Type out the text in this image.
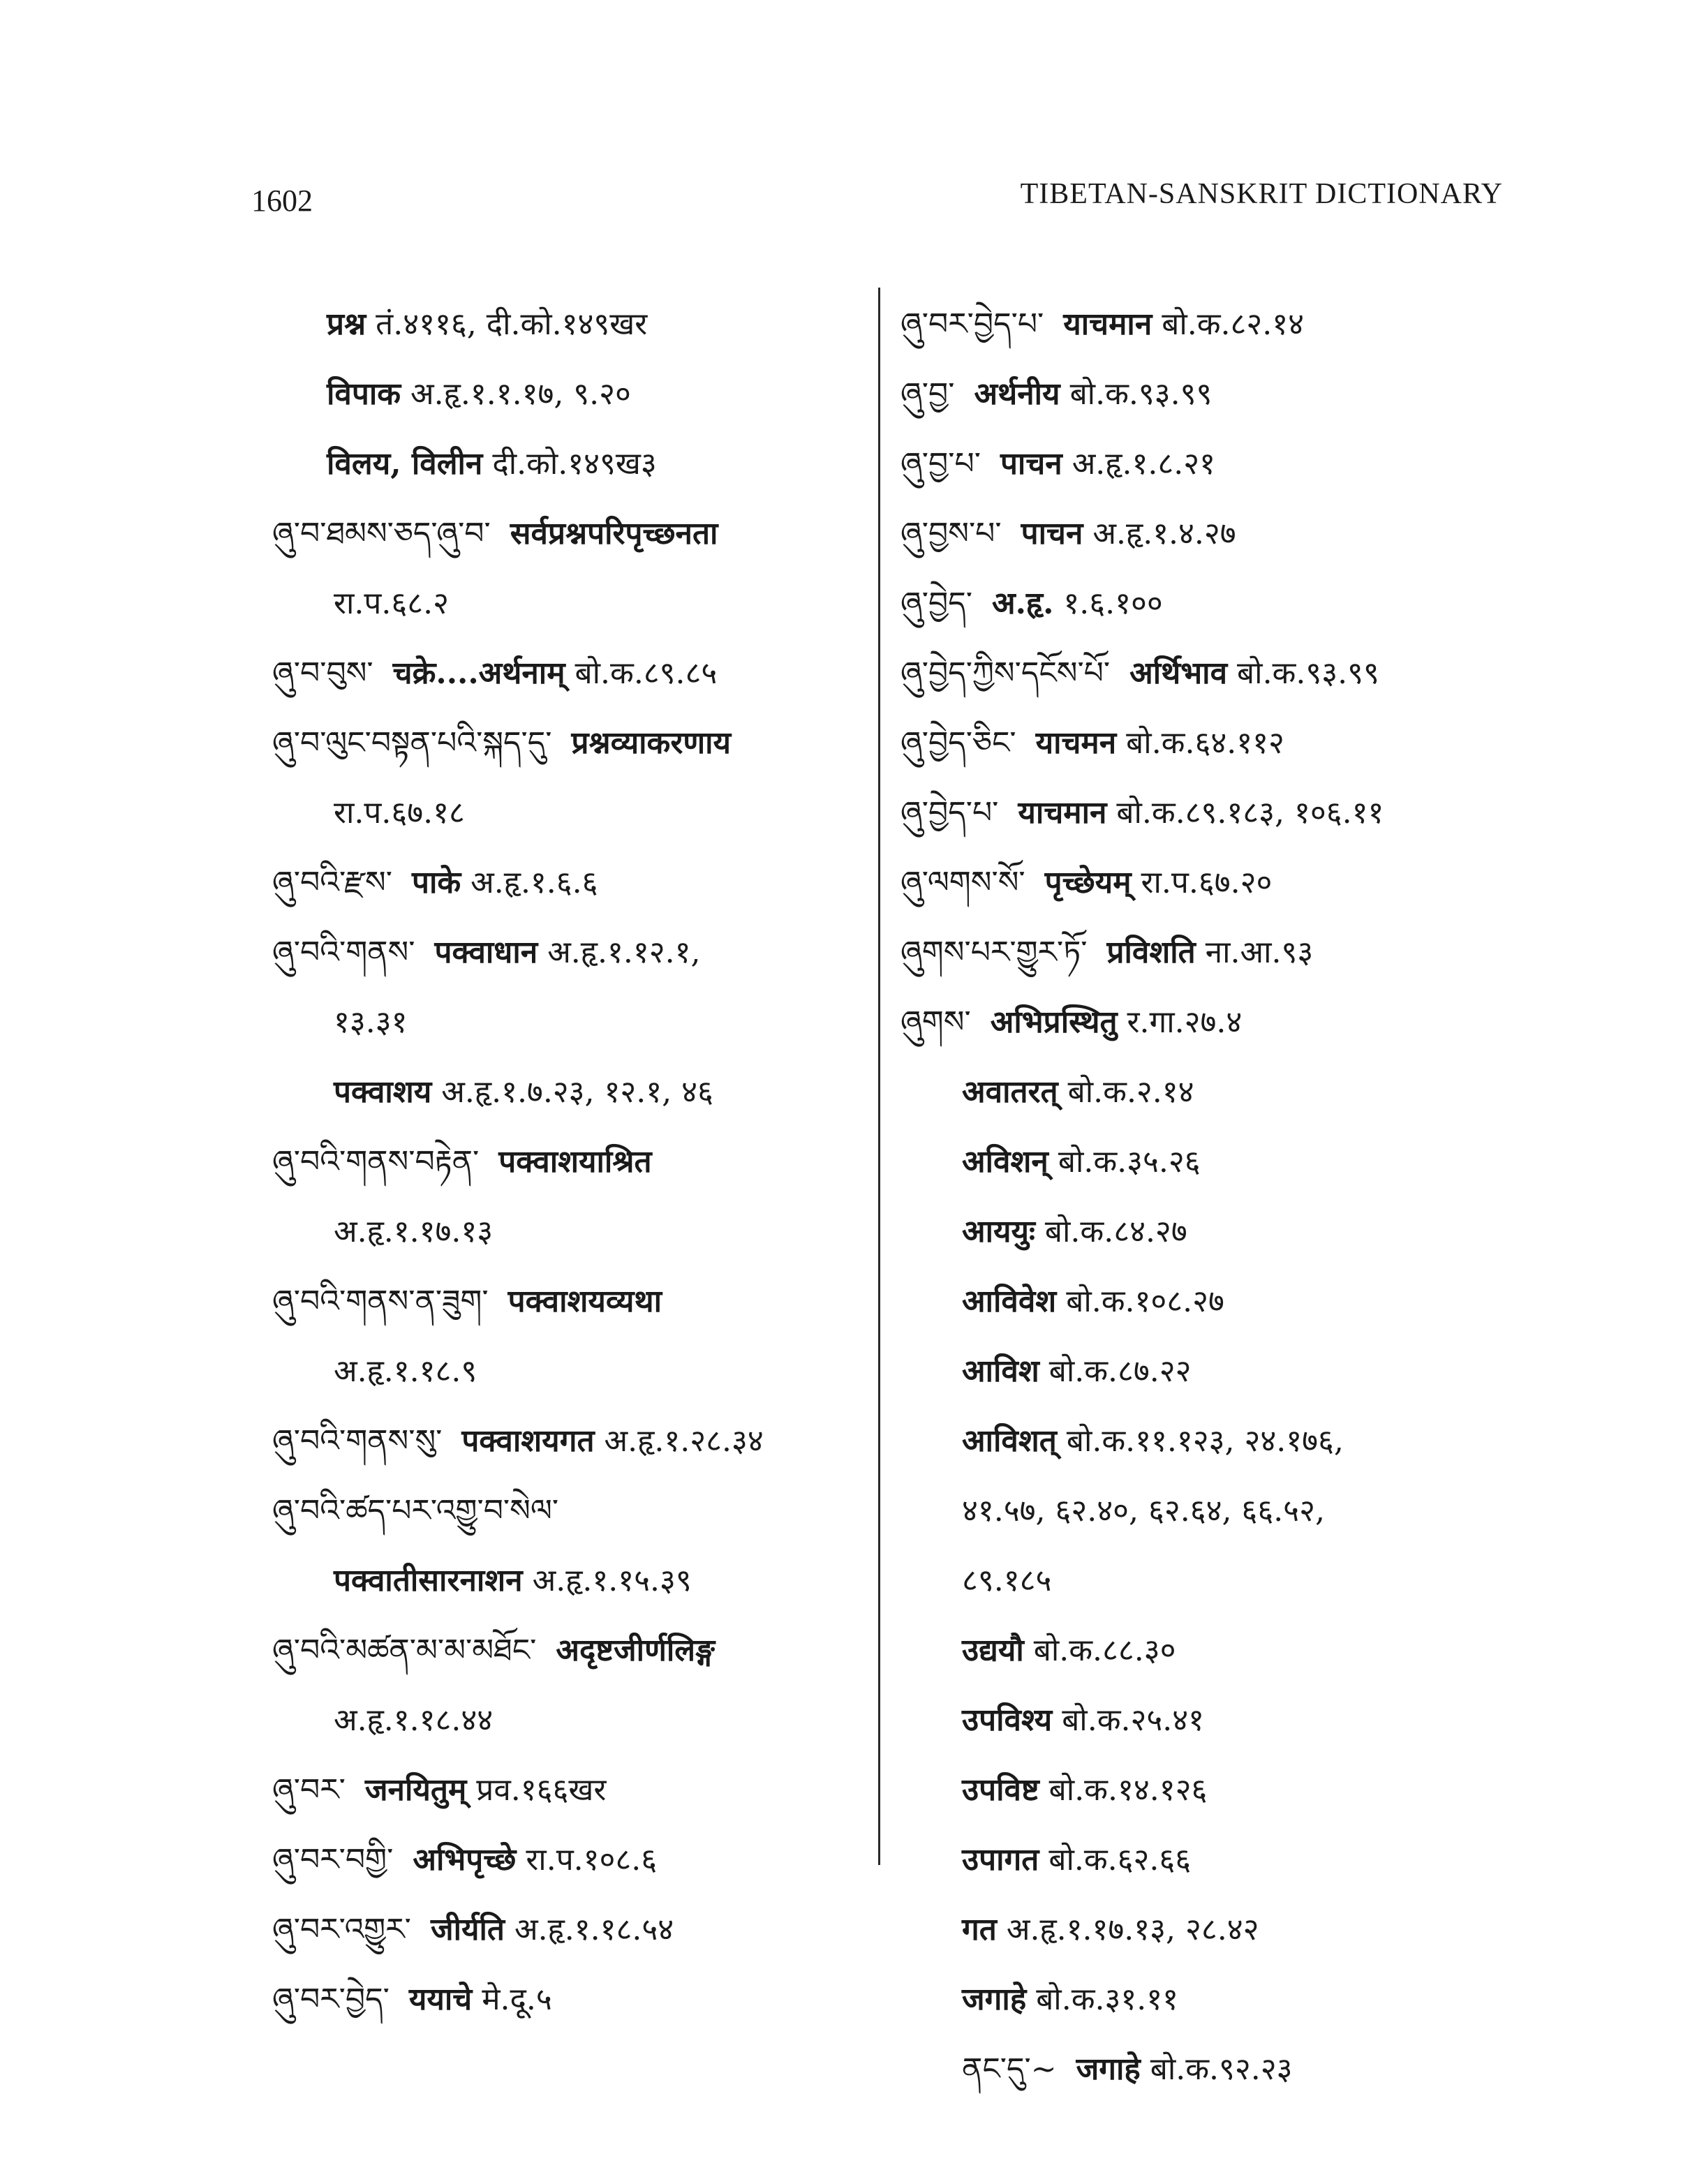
1602	TIBETAN-SANSKRIT DICTIONARY
प्रश्न तं.४११६, दी.को.१४९खर
विपाक अ.हृ.१.१.१७, ९.२०
विलय, विलीन दी.को.१४९ख३
ཞུ་བ་ཐམས་ཅད་ཞུ་བ་ सर्वप्रश्नपरिपृच्छनता
रा.प.६८.२
ཞུ་བ་བུས་ चक्रे....अर्थनाम् बो.क.८९.८५
ཞུ་བ་ལུང་བསྟན་པའི་སྐད་དུ་ प्रश्नव्याकरणाय
रा.प.६७.१८
ཞུ་བའི་རྫས་ पाके अ.हृ.१.६.६
ཞུ་བའི་གནས་ पक्वाधान अ.हृ.१.१२.१,
१३.३१
पक्वाशय अ.हृ.१.७.२३, १२.१, ४६
ཞུ་བའི་གནས་བརྟེན་ पक्वाशयाश्रित
अ.हृ.१.१७.१३
ཞུ་བའི་གནས་ན་ཟུག་ पक्वाशयव्यथा
अ.हृ.१.१८.९
ཞུ་བའི་གནས་སུ་ पक्वाशयगत अ.हृ.१.२८.३४
ཞུ་བའི་ཚད་པར་འགྱུ་བ་སེལ་
पक्वातीसारनाशन अ.हृ.१.१५.३९
ཞུ་བའི་མཚན་མ་མ་མཐོང་ अदृष्टजीर्णलिङ्ग
अ.हृ.१.१८.४४
ཞུ་བར་ जनयितुम् प्रव.१६६खर
ཞུ་བར་བགྱི་ अभिपृच्छे रा.प.१०८.६
ཞུ་བར་འགྱུར་ जीर्यति अ.हृ.१.१८.५४
ཞུ་བར་བྱེད་ ययाचे मे.दू.५
ཞུ་བར་བྱེད་པ་ याचमान बो.क.८२.१४
ཞུ་བྱ་ अर्थनीय बो.क.९३.९९
ཞུ་བྱ་པ་ पाचन अ.हृ.१.८.२१
ཞུ་བྱས་པ་ पाचन अ.हृ.१.४.२७
ཞུ་བྱེད་ अ.हृ. १.६.१००
ཞུ་བྱེད་ཀྱིས་དངོས་པོ་ अर्थिभाव बो.क.९३.९९
ཞུ་བྱེད་ཅིང་ याचमन बो.क.६४.११२
ཞུ་བྱེད་པ་ याचमान बो.क.८९.१८३, १०६.११
ཞུ་ལགས་སོ་ पृच्छेयम् रा.प.६७.२०
ཞུགས་པར་གྱུར་ཏོ་ प्रविशति ना.आ.९३
ཞུགས་ अभिप्रस्थितु र.गा.२७.४
अवातरत् बो.क.२.१४
अविशन् बो.क.३५.२६
आययुः बो.क.८४.२७
आविवेश बो.क.१०८.२७
आविश बो.क.८७.२२
आविशत् बो.क.११.१२३, २४.१७६,
४१.५७, ६२.४०, ६२.६४, ६६.५२,
८९.१८५
उद्ययौ बो.क.८८.३०
उपविश्य बो.क.२५.४१
उपविष्ट बो.क.१४.१२६
उपागत बो.क.६२.६६
गत अ.हृ.१.१७.१३, २८.४२
जगाहे बो.क.३१.११
ནང་དུ་~ जगाहे बो.क.९२.२३
